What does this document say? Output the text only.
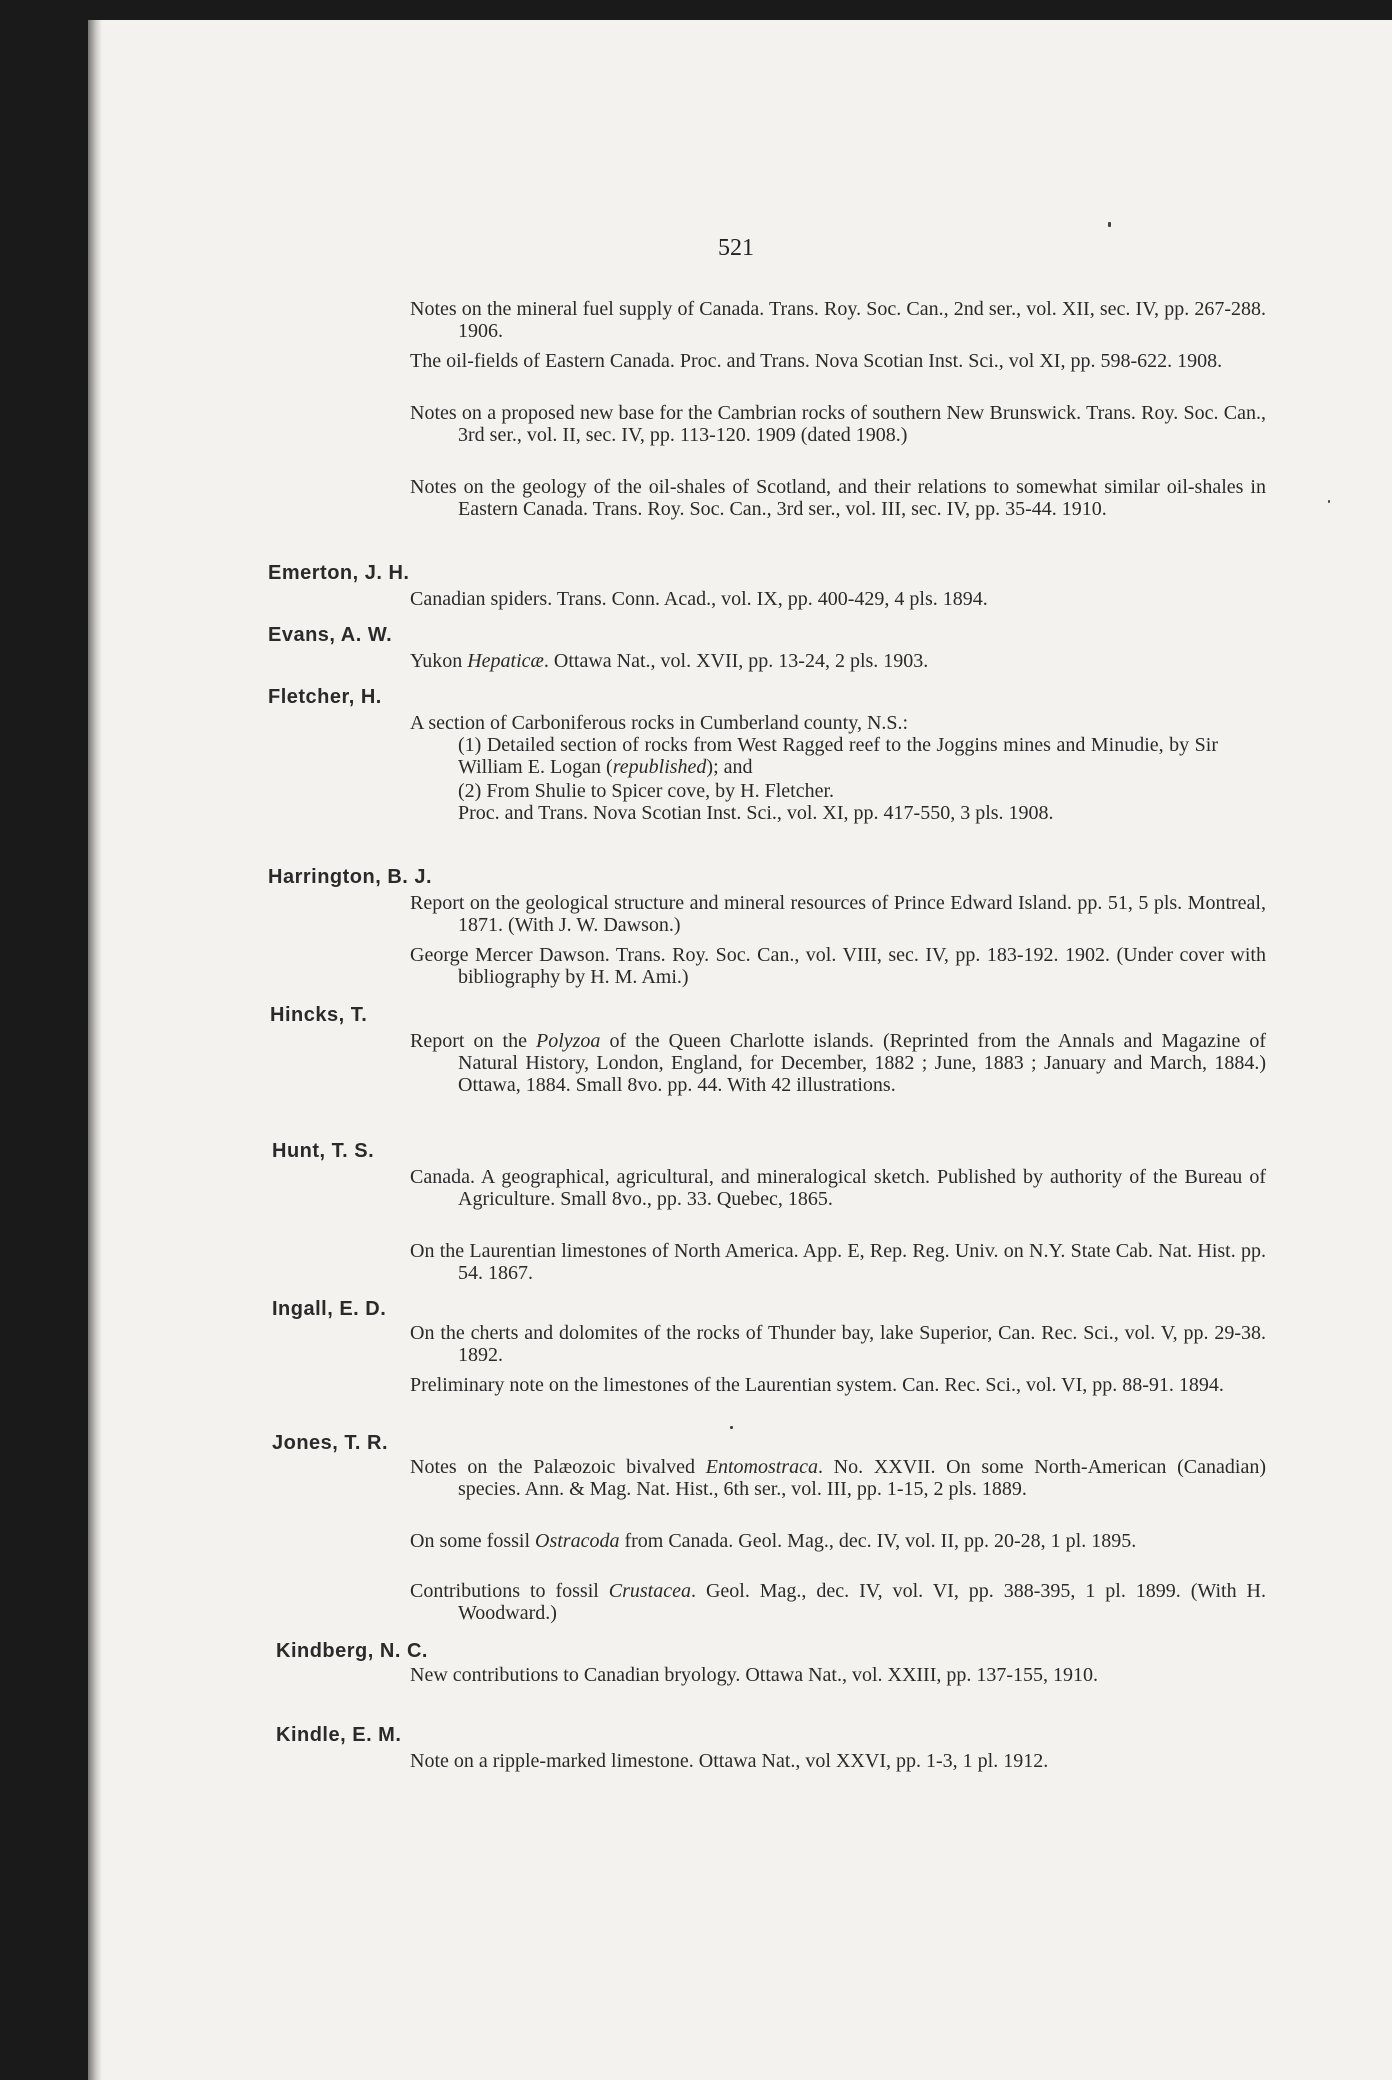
521
Notes on the mineral fuel supply of Canada. Trans. Roy. Soc. Can., 2nd ser., vol. XII, sec. IV, pp. 267-288. 1906.
The oil-fields of Eastern Canada. Proc. and Trans. Nova Scotian Inst. Sci., vol XI, pp. 598-622. 1908.
Notes on a proposed new base for the Cambrian rocks of southern New Brunswick. Trans. Roy. Soc. Can., 3rd ser., vol. II, sec. IV, pp. 113-120. 1909 (dated 1908.)
Notes on the geology of the oil-shales of Scotland, and their relations to somewhat similar oil-shales in Eastern Canada. Trans. Roy. Soc. Can., 3rd ser., vol. III, sec. IV, pp. 35-44. 1910.
Emerton, J. H.
Canadian spiders. Trans. Conn. Acad., vol. IX, pp. 400-429, 4 pls. 1894.
Evans, A. W.
Yukon Hepaticæ. Ottawa Nat., vol. XVII, pp. 13-24, 2 pls. 1903.
Fletcher, H.
A section of Carboniferous rocks in Cumberland county, N.S.:
(1) Detailed section of rocks from West Ragged reef to the Joggins mines and Minudie, by Sir William E. Logan (republished); and
(2) From Shulie to Spicer cove, by H. Fletcher.
Proc. and Trans. Nova Scotian Inst. Sci., vol. XI, pp. 417-550, 3 pls. 1908.
Harrington, B. J.
Report on the geological structure and mineral resources of Prince Edward Island. pp. 51, 5 pls. Montreal, 1871. (With J. W. Dawson.)
George Mercer Dawson. Trans. Roy. Soc. Can., vol. VIII, sec. IV, pp. 183-192. 1902. (Under cover with bibliography by H. M. Ami.)
Hincks, T.
Report on the Polyzoa of the Queen Charlotte islands. (Reprinted from the Annals and Magazine of Natural History, London, England, for December, 1882 ; June, 1883 ; January and March, 1884.) Ottawa, 1884. Small 8vo. pp. 44. With 42 illustrations.
Hunt, T. S.
Canada. A geographical, agricultural, and mineralogical sketch. Published by authority of the Bureau of Agriculture. Small 8vo., pp. 33. Quebec, 1865.
On the Laurentian limestones of North America. App. E, Rep. Reg. Univ. on N.Y. State Cab. Nat. Hist. pp. 54. 1867.
Ingall, E. D.
On the cherts and dolomites of the rocks of Thunder bay, lake Superior, Can. Rec. Sci., vol. V, pp. 29-38. 1892.
Preliminary note on the limestones of the Laurentian system. Can. Rec. Sci., vol. VI, pp. 88-91. 1894.
Jones, T. R.
Notes on the Palæozoic bivalved Entomostraca. No. XXVII. On some North-American (Canadian) species. Ann. & Mag. Nat. Hist., 6th ser., vol. III, pp. 1-15, 2 pls. 1889.
On some fossil Ostracoda from Canada. Geol. Mag., dec. IV, vol. II, pp. 20-28, 1 pl. 1895.
Contributions to fossil Crustacea. Geol. Mag., dec. IV, vol. VI, pp. 388-395, 1 pl. 1899. (With H. Woodward.)
Kindberg, N. C.
New contributions to Canadian bryology. Ottawa Nat., vol. XXIII, pp. 137-155, 1910.
Kindle, E. M.
Note on a ripple-marked limestone. Ottawa Nat., vol XXVI, pp. 1-3, 1 pl. 1912.
